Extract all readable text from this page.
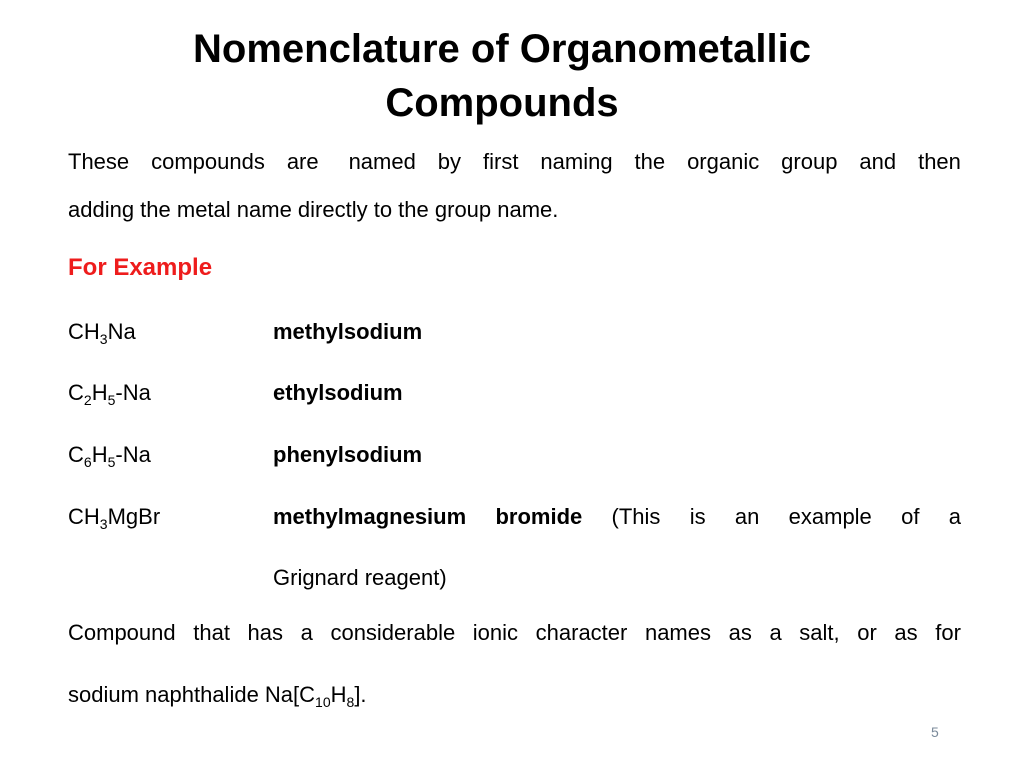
Nomenclature of Organometallic
Compounds
These compounds are named by first naming the organic group and then
adding the metal name directly to the group name.
For Example
$CH_3Na$	methylsodium
$C_2H_5-Na$	ethylsodium
$C_6H_5-Na$	phenylsodium
$CH_3MgBr$	methylmagnesium bromide (This is an example of a
Grignard reagent)
Compound that has a considerable ionic character names as a salt, or as for
sodium naphthalide $Na[C_{10}H_8]$.
5
